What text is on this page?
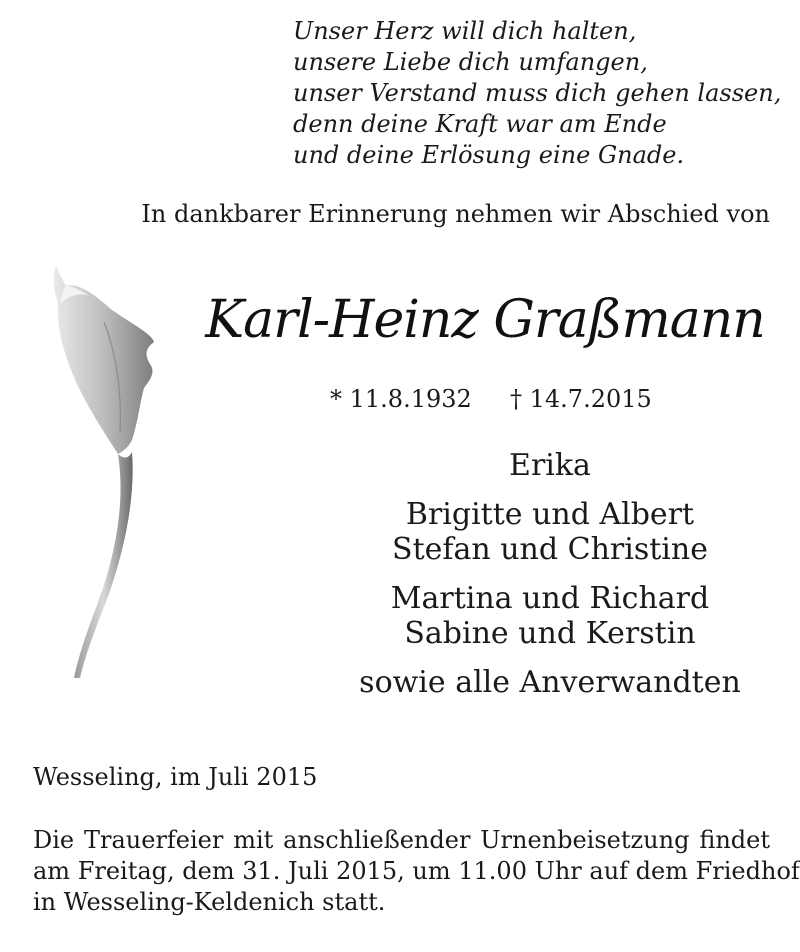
Unser Herz will dich halten,
unsere Liebe dich umfangen,
unser Verstand muss dich gehen lassen,
denn deine Kraft war am Ende
und deine Erlösung eine Gnade.
In dankbarer Erinnerung nehmen wir Abschied von
Karl-Heinz Graßmann
* 11.8.1932 † 14.7.2015
Erika
Brigitte und Albert
Stefan und Christine
Martina und Richard
Sabine und Kerstin
sowie alle Anverwandten
Wesseling, im Juli 2015
Die Trauerfeier mit anschließender Urnenbeisetzung findet
am Freitag, dem 31. Juli 2015, um 11.00 Uhr auf dem Friedhof
in Wesseling-Keldenich statt.
